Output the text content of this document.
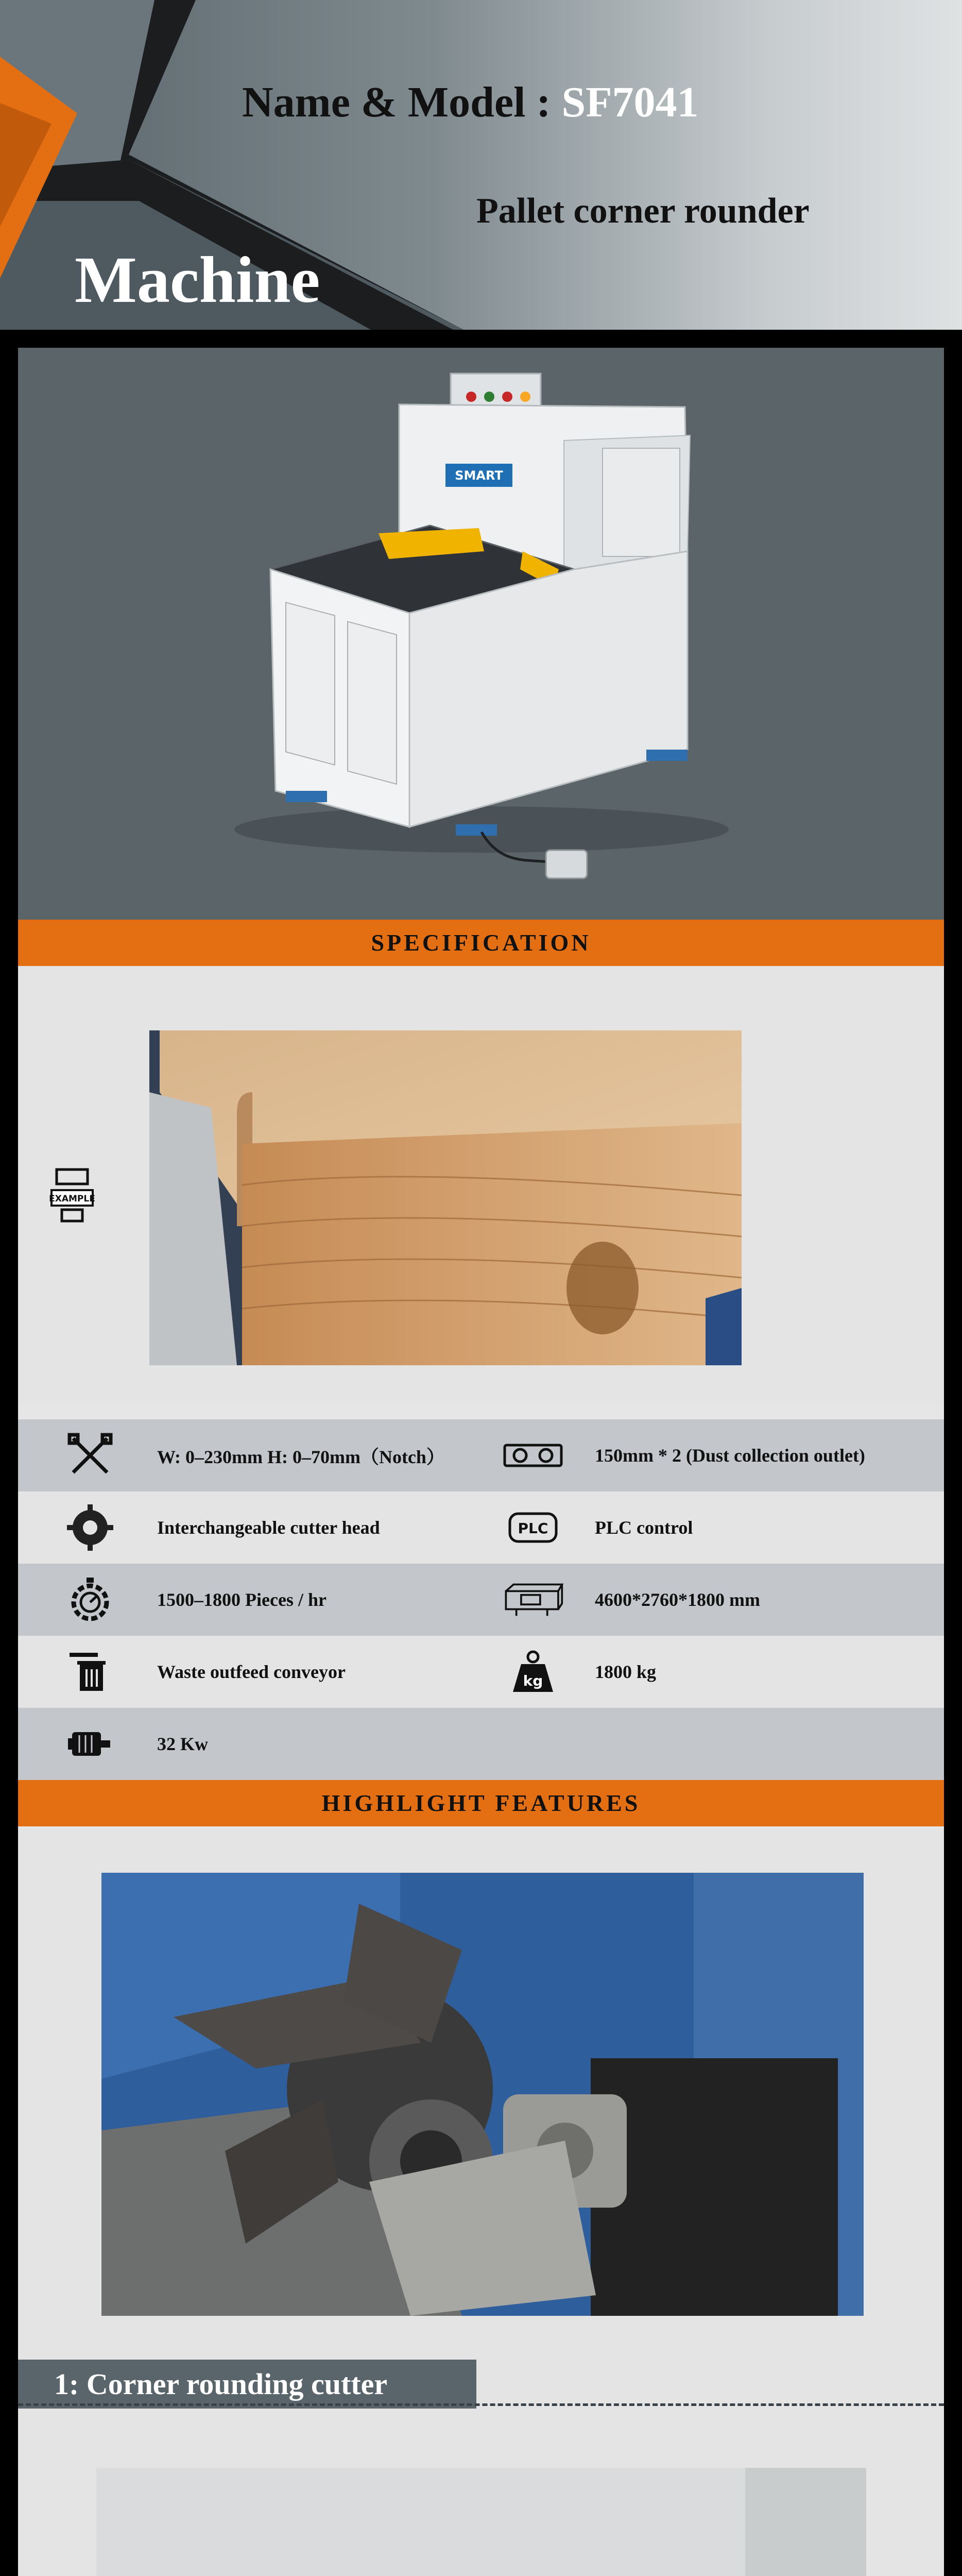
Name & Model : SF7041
Pallet corner rounder
Machine
SMART
SPECIFICATION
EXAMPLE
W: 0–230mm H: 0–70mm（Notch）	150mm * 2 (Dust collection outlet)
Interchangeable cutter head	PLC	PLC control
1500–1800 Pieces / hr	4600*2760*1800 mm
Waste outfeed conveyor	kg	1800 kg
32 Kw
HIGHLIGHT FEATURES
1: Corner rounding cutter
